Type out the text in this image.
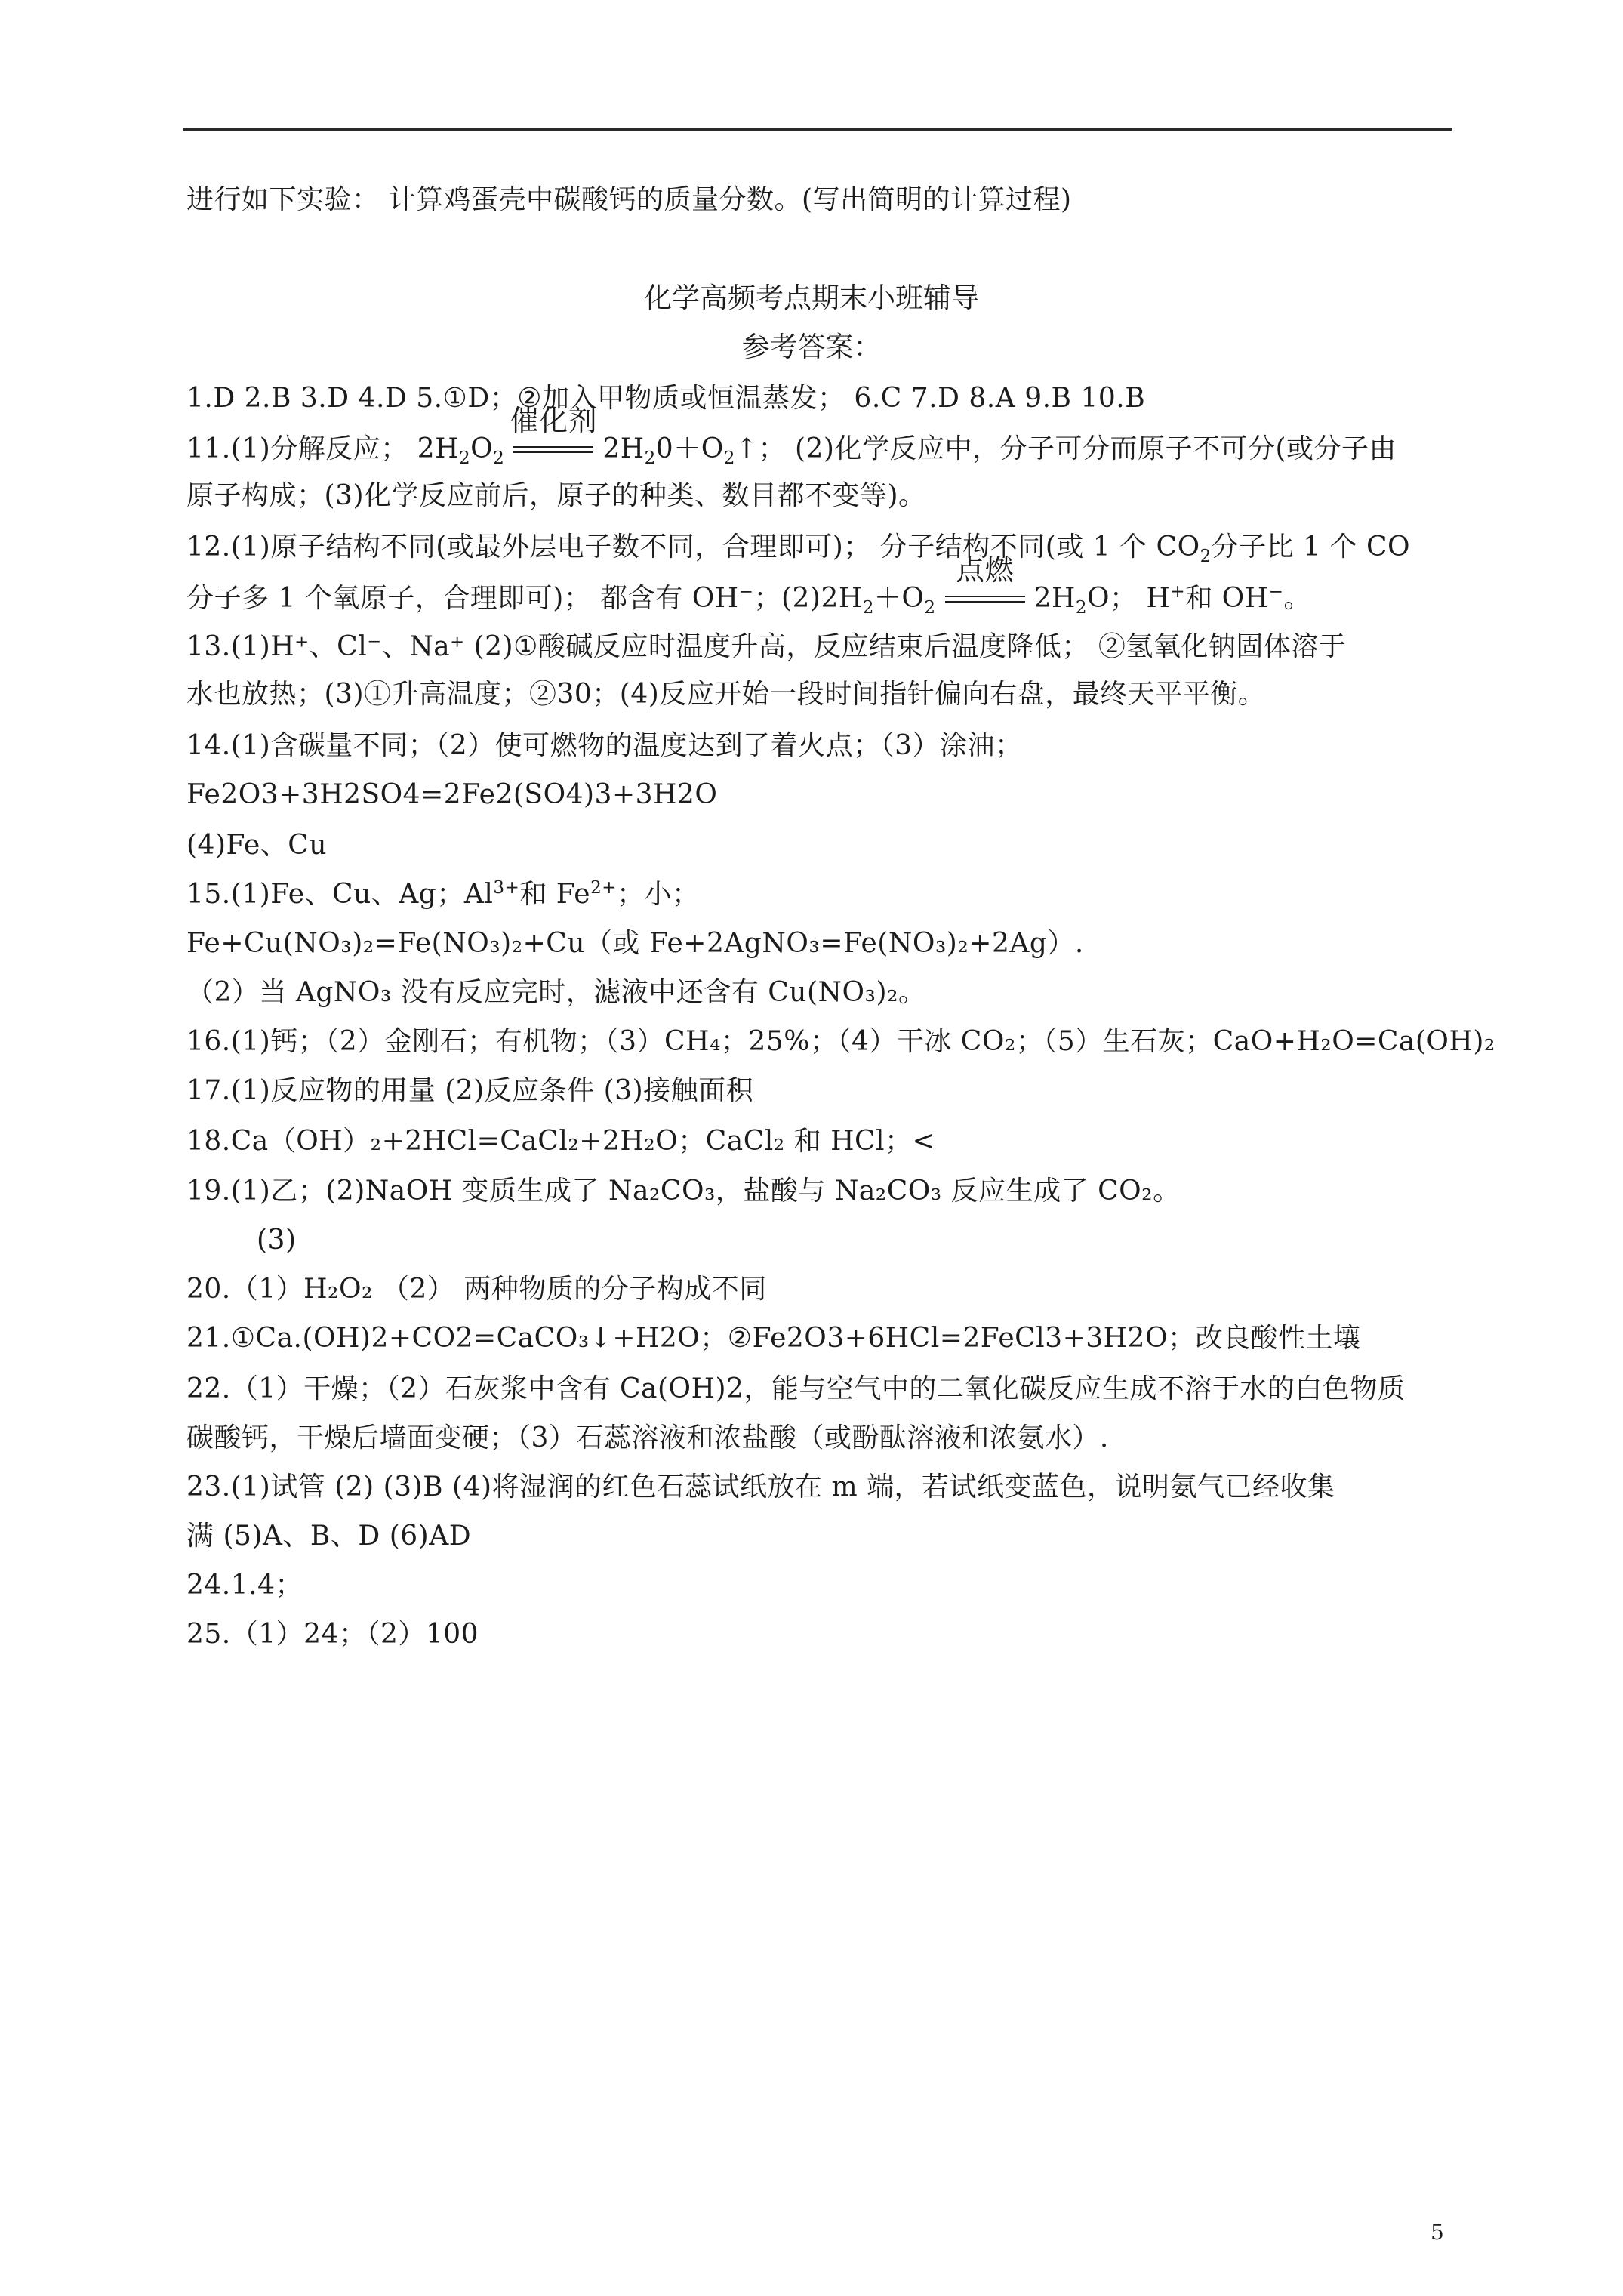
进行如下实验： 计算鸡蛋壳中碳酸钙的质量分数。(写出简明的计算过程)
化学高频考点期末小班辅导
参考答案：
1.D 2.B 3.D 4.D 5.①D；②加入甲物质或恒温蒸发； 6.C 7.D 8.A 9.B 10.B
11.(1)分解反应； $2H_2O_2$
催化剂
$2H_20+O_2↑$； (2)化学反应中，分子可分而原子不可分(或分子由
原子构成；(3)化学反应前后，原子的种类、数目都不变等)。
12.(1)原子结构不同(或最外层电子数不同，合理即可)； 分子结构不同(或 1 个 $CO_2$分子比 1 个 CO
分子多 1 个氧原子，合理即可)； 都含有 OH−；$(2)2H_2+O_2$
点燃
$2H_2O$； H+和 OH−。
13.(1)H⁺、Cl⁻、Na⁺ (2)①酸碱反应时温度升高，反应结束后温度降低； ②氢氧化钠固体溶于
水也放热；(3)①升高温度；②30；(4)反应开始一段时间指针偏向右盘，最终天平平衡。
14.(1)含碳量不同；（2）使可燃物的温度达到了着火点；（3）涂油；
Fe2O3+3H2SO4=2Fe2(SO4)3+3H2O
(4)Fe、Cu
15.(1)Fe、Cu、Ag；$Al^{3+}$和 $Fe^{2+}$；小；
Fe+Cu(NO₃)₂=Fe(NO₃)₂+Cu（或 Fe+2AgNO₃=Fe(NO₃)₂+2Ag）.
（2）当 AgNO₃ 没有反应完时，滤液中还含有 Cu(NO₃)₂。
16.(1)钙；（2）金刚石；有机物；（3）CH₄；25%；（4）干冰 CO₂；（5）生石灰；CaO+H₂O=Ca(OH)₂
17.(1)反应物的用量 (2)反应条件 (3)接触面积
18.Ca（OH）₂+2HCl=CaCl₂+2H₂O；CaCl₂ 和 HCl；<
19.(1)乙；(2)NaOH 变质生成了 Na₂CO₃，盐酸与 Na₂CO₃ 反应生成了 CO₂。
(3)
20.（1）H₂O₂ （2） 两种物质的分子构成不同
21.①Ca.(OH)2+CO2=CaCO₃↓+H2O；②Fe2O3+6HCl=2FeCl3+3H2O；改良酸性土壤
22.（1）干燥；（2）石灰浆中含有 Ca(OH)2，能与空气中的二氧化碳反应生成不溶于水的白色物质
碳酸钙，干燥后墙面变硬；（3）石蕊溶液和浓盐酸（或酚酞溶液和浓氨水）.
23.(1)试管 (2) (3)B (4)将湿润的红色石蕊试纸放在 m 端，若试纸变蓝色，说明氨气已经收集
满 (5)A、B、D (6)AD
24.1.4；
25.（1）24；（2）100
5
